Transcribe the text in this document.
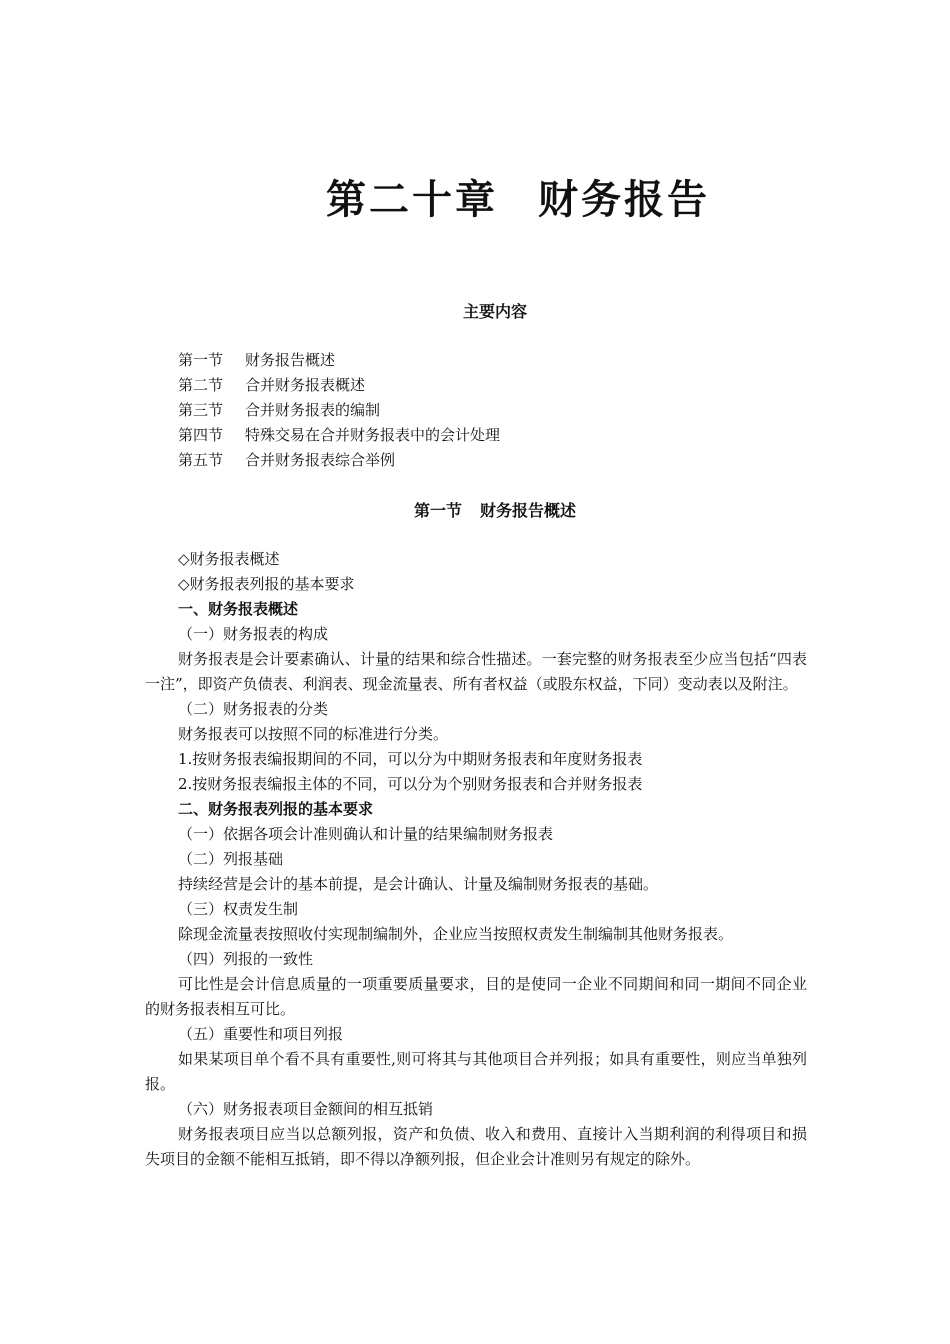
第二十章 财务报告
主要内容
第一节 财务报告概述
第二节 合并财务报表概述
第三节 合并财务报表的编制
第四节 特殊交易在合并财务报表中的会计处理
第五节 合并财务报表综合举例
第一节 财务报告概述
◇财务报表概述
◇财务报表列报的基本要求
一、财务报表概述
（一）财务报表的构成

财务报表是会计要素确认、计量的结果和综合性描述。一套完整的财务报表至少应当包括“四表一注”，即资产负债表、利润表、现金流量表、所有者权益（或股东权益，下同）变动表以及附注。

（二）财务报表的分类
财务报表可以按照不同的标准进行分类。
1.按财务报表编报期间的不同，可以分为中期财务报表和年度财务报表
2.按财务报表编报主体的不同，可以分为个别财务报表和合并财务报表
二、财务报表列报的基本要求
（一）依据各项会计准则确认和计量的结果编制财务报表
（二）列报基础
持续经营是会计的基本前提，是会计确认、计量及编制财务报表的基础。
（三）权责发生制
除现金流量表按照收付实现制编制外，企业应当按照权责发生制编制其他财务报表。
（四）列报的一致性

可比性是会计信息质量的一项重要质量要求，目的是使同一企业不同期间和同一期间不同企业的财务报表相互可比。

（五）重要性和项目列报

如果某项目单个看不具有重要性,则可将其与其他项目合并列报；如具有重要性，则应当单独列报。

（六）财务报表项目金额间的相互抵销

财务报表项目应当以总额列报，资产和负债、收入和费用、直接计入当期利润的利得项目和损失项目的金额不能相互抵销，即不得以净额列报，但企业会计准则另有规定的除外。
